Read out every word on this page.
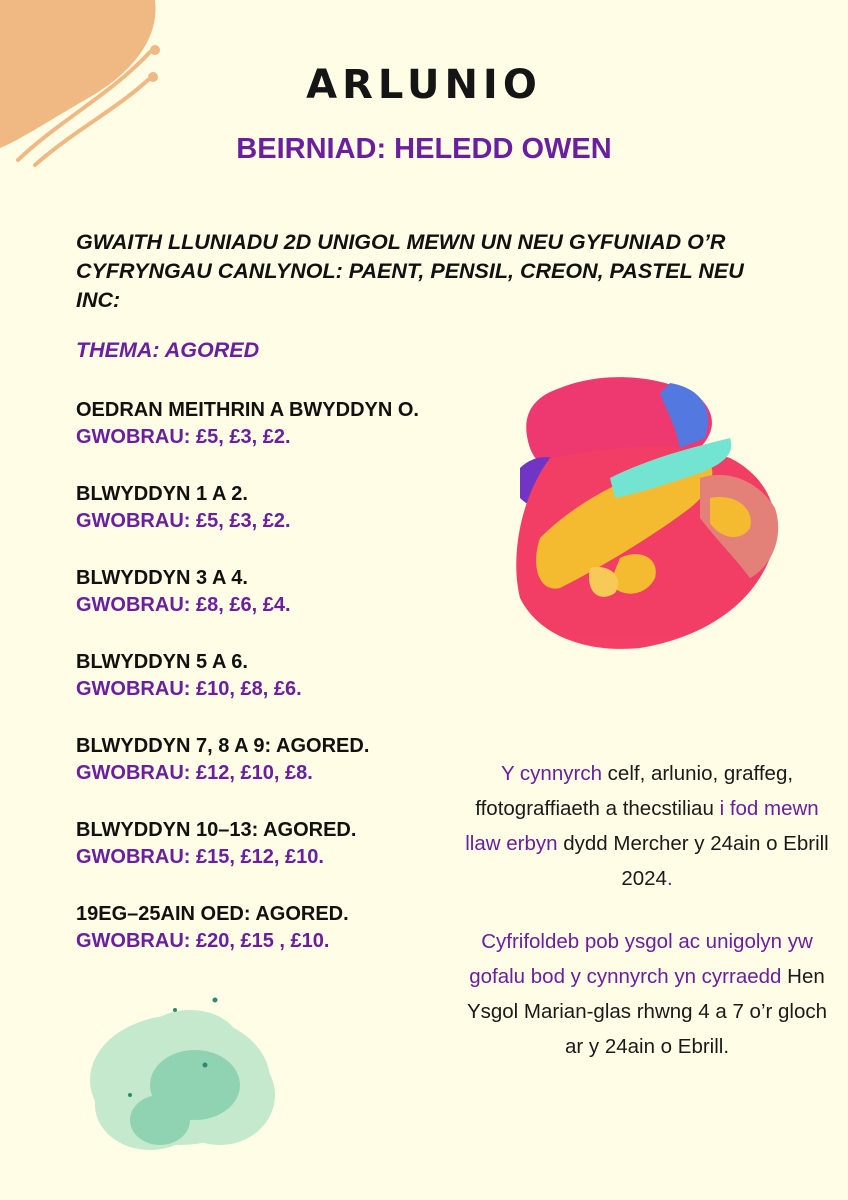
ARLUNIO
BEIRNIAD: HELEDD OWEN
GWAITH LLUNIADU 2D UNIGOL MEWN UN NEU GYFUNIAD O’R CYFRYNGAU CANLYNOL: PAENT, PENSIL, CREON, PASTEL NEU INC:
THEMA: AGORED
OEDRAN MEITHRIN A BWYDDYN O.
GWOBRAU: £5, £3, £2.
BLWYDDYN 1 A 2.
GWOBRAU: £5, £3, £2.
BLWYDDYN 3 A 4.
GWOBRAU: £8, £6, £4.
BLWYDDYN 5 A 6.
GWOBRAU: £10, £8, £6.
BLWYDDYN 7, 8 A 9: AGORED.
GWOBRAU: £12, £10, £8.
BLWYDDYN 10–13: AGORED.
GWOBRAU: £15, £12, £10.
19EG–25AIN OED: AGORED.
GWOBRAU: £20, £15 , £10.
Y cynnyrch celf, arlunio, graffeg, ffotograffiaeth a thecstiliau i fod mewn llaw erbyn dydd Mercher y 24ain o Ebrill 2024.
Cyfrifoldeb pob ysgol ac unigolyn yw gofalu bod y cynnyrch yn cyrraedd Hen Ysgol Marian-glas rhwng 4 a 7 o’r gloch ar y 24ain o Ebrill.
